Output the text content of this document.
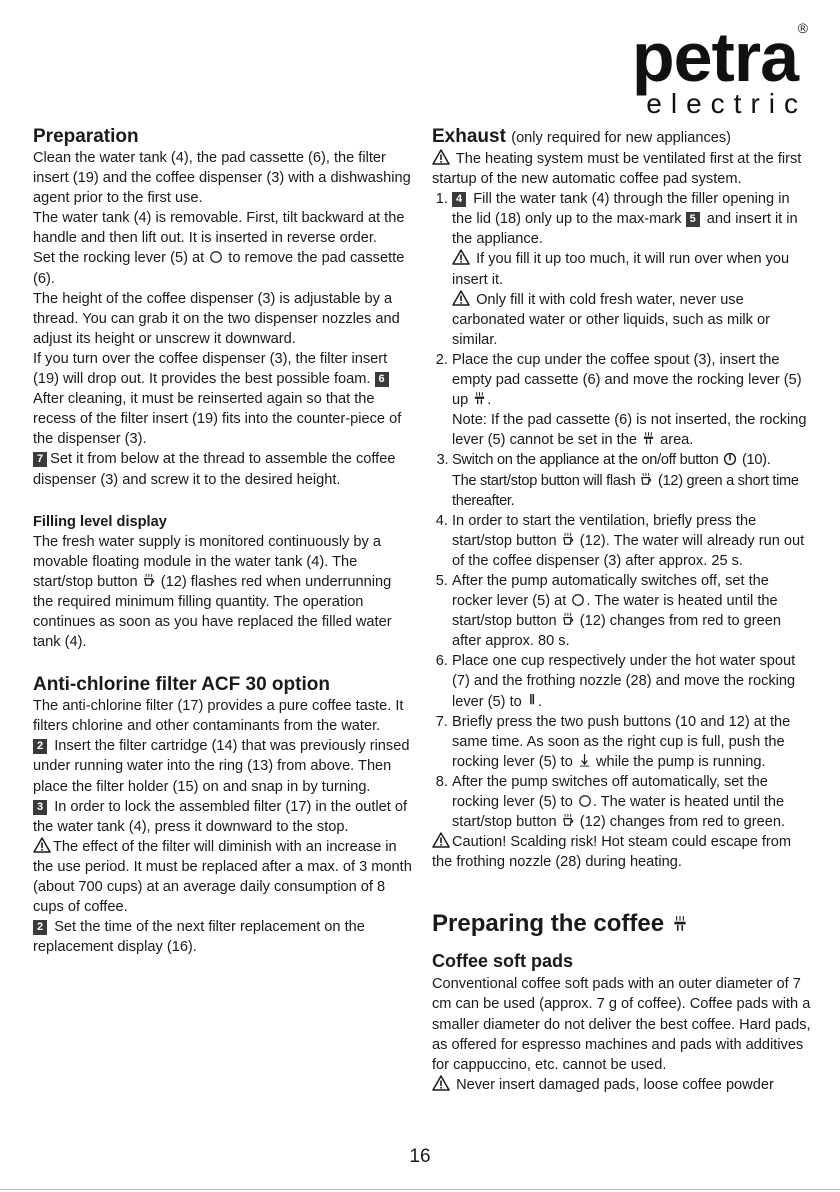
petra ®
electric
Preparation

Clean the water tank (4), the pad cassette (6), the filter insert (19) and the coffee dispenser (3) with a dishwashing agent prior to the first use.

The water tank (4) is removable. First, tilt backward at the handle and then lift out. It is inserted in reverse order.

Set the rocking lever (5) at to remove the pad cassette (6).

The height of the coffee dispenser (3) is adjustable by a thread. You can grab it on the two dispenser nozzles and adjust its height or unscrew it downward.

If you turn over the coffee dispenser (3), the filter insert (19) will drop out. It provides the best possible foam. 6After cleaning, it must be reinserted again so that the recess of the filter insert (19) fits into the counter-piece of the dispenser (3).

7 Set it from below at the thread to assemble the coffee dispenser (3) and screw it to the desired height.

Filling level display

The fresh water supply is monitored continuously by a movable floating module in the water tank (4). The start/stop button (12) flashes red when underrunning the required minimum filling quantity. The operation continues as soon as you have replaced the filled water tank (4).

Anti-chlorine filter ACF 30 option

The anti-chlorine filter (17) provides a pure coffee taste. It filters chlorine and other contaminants from the water.

2 Insert the filter cartridge (14) that was previously rinsed under running water into the ring (13) from above. Then place the filter holder (15) on and snap in by turning.

3 In order to lock the assembled filter (17) in the outlet of the water tank (4), press it downward to the stop.

The effect of the filter will diminish with an increase in the use period. It must be replaced after a max. of 3 month (about 700 cups) at an average daily consumption of 8 cups of coffee.

2 Set the time of the next filter replacement on the replacement display (16).

Exhaust (only required for new appliances)

The heating system must be ventilated first at the first startup of the new automatic coffee pad system.

1. 4 Fill the water tank (4) through the filler opening in the lid (18) only up to the max-mark 5 and insert it in the appliance.
If you fill it up too much, it will run over when you insert it.
Only fill it with cold fresh water, never use carbonated water or other liquids, such as milk or similar.
2. Place the cup under the coffee spout (3), insert the empty pad cassette (6) and move the rocking lever (5) up .
Note: If the pad cassette (6) is not inserted, the rocking lever (5) cannot be set in the area.
3. Switch on the appliance at the on/off button (10).
The start/stop button will flash (12) green a short time thereafter.
4. In order to start the ventilation, briefly press the start/stop button (12). The water will already run out of the coffee dispenser (3) after approx. 25 s.
5. After the pump automatically switches off, set the rocker lever (5) at . The water is heated until the start/stop button (12) changes from red to green after approx. 80 s.
6. Place one cup respectively under the hot water spout (7) and the frothing nozzle (28) and move the rocking lever (5) to .
7. Briefly press the two push buttons (10 and 12) at the same time. As soon as the right cup is full, push the rocking lever (5) to while the pump is running.
8. After the pump switches off automatically, set the rocking lever (5) to . The water is heated until the start/stop button (12) changes from red to green.

Caution! Scalding risk! Hot steam could escape from the frothing nozzle (28) during heating.

Preparing the coffee
Coffee soft pads

Conventional coffee soft pads with an outer diameter of 7 cm can be used (approx. 7 g of coffee). Coffee pads with a smaller diameter do not deliver the best coffee. Hard pads, as offered for espresso machines and pads with additives for cappuccino, etc. cannot be used.

Never insert damaged pads, loose coffee powder

16
